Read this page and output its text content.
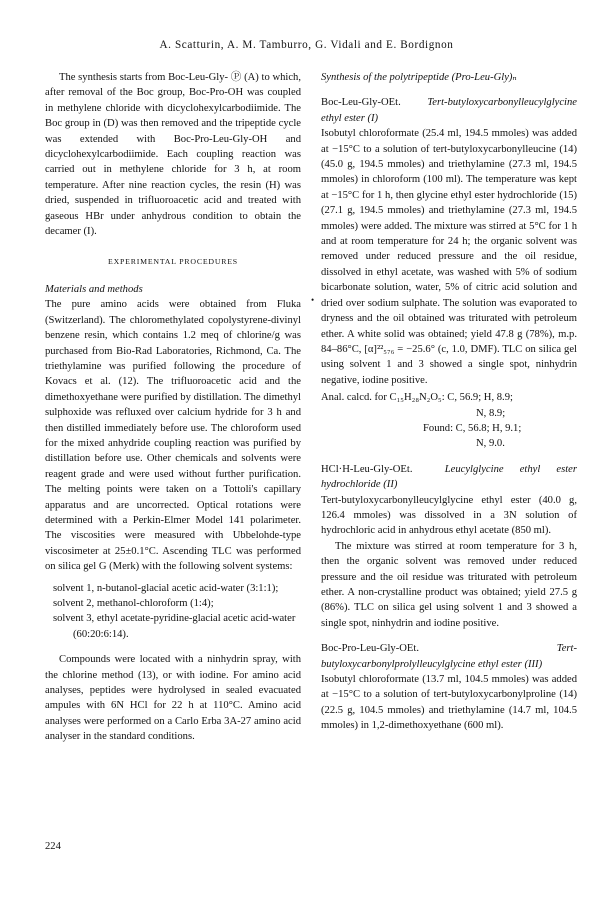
A. Scatturin, A. M. Tamburro, G. Vidali and E. Bordignon

The synthesis starts from Boc-Leu-Gly- Ⓟ (A) to which, after removal of the Boc group, Boc-Pro-OH was coupled in methylene chloride with dicyclohexylcarbodiimide. The Boc group in (D) was then removed and the tripeptide cycle was extended with Boc-Pro-Leu-Gly-OH and dicyclohexylcarbodiimide. Each coupling reaction was carried out in methylene chloride for 3 h, at room temperature. After nine reaction cycles, the resin (H) was dried, suspended in trifluoroacetic acid and treated with gaseous HBr under anhydrous condition to obtain the decamer (I).

EXPERIMENTAL PROCEDURES
Materials and methods

The pure amino acids were obtained from Fluka (Switzerland). The chloromethylated copolystyrene-divinyl benzene resin, which contains 1.2 meq of chlorine/g was purchased from Bio-Rad Laboratories, Richmond, Ca. The triethylamine was purified following the procedure of Kovacs et al. (12). The trifluoroacetic acid and the dimethoxyethane were purified by distillation. The dimethyl sulphoxide was refluxed over calcium hydride for 3 h and then distilled immediately before use. The chloroform used for the mixed anhydride coupling reaction was purified by distillation before use. Other chemicals and solvents were reagent grade and were used without further purification. The melting points were taken on a Tottoli's capillary apparatus and are uncorrected. Optical rotations were determined with a Perkin-Elmer Model 141 polarimeter. The viscosities were measured with Ubbelohde-type viscosimeter at 25±0.1°C. Ascending TLC was performed on silica gel G (Merk) with the following solvent systems:

solvent 1, n-butanol-glacial acetic acid-water (3:1:1);
solvent 2, methanol-chloroform (1:4);
solvent 3, ethyl acetate-pyridine-glacial acetic acid-water (60:20:6:14).

Compounds were located with a ninhydrin spray, with the chlorine method (13), or with iodine. For amino acid analyses, peptides were hydrolysed in sealed evacuated ampules with 6N HCl for 22 h at 110°C. Amino acid analyses were performed on a Carlo Erba 3A-27 amino acid analyser in the standard conditions.

Synthesis of the polytripeptide (Pro-Leu-Gly)ₙ

Boc-Leu-Gly-OEt.	Tert-butyloxycarbonylleucylglycine ethyl ester (I)

Isobutyl chloroformate (25.4 ml, 194.5 mmoles) was added at −15°C to a solution of tert-butyloxycarbonylleucine (14) (45.0 g, 194.5 mmoles) and triethylamine (27.3 ml, 194.5 mmoles) in chloroform (100 ml). The temperature was kept at −15°C for 1 h, then glycine ethyl ester hydrochloride (15) (27.1 g, 194.5 mmoles) and triethylamine (27.3 ml, 194.5 mmoles) were added. The mixture was stirred at 5°C for 1 h and at room temperature for 24 h; the organic solvent was removed under reduced pressure and the oil residue, dissolved in ethyl acetate, was washed with 5% of sodium bicarbonate solution, water, 5% of citric acid solution and dried over sodium sulphate. The solution was evaporated to dryness and the oil obtained was triturated with petroleum ether. A white solid was obtained; yield 47.8 g (78%), m.p. 84–86°C, [α]²²₅₇₆ = −25.6° (c, 1.0, DMF). TLC on silica gel using solvent 1 and 3 showed a single spot, ninhydrin negative, iodine positive.

Anal. calcd. for C₁₅H₂₈N₂O₅: C, 56.9; H, 8.9;
N, 8.9;
Found: C, 56.8; H, 9.1;
N, 9.0.

HCl·H-Leu-Gly-OEt.	Leucylglycine ethyl ester hydrochloride (II)

Tert-butyloxycarbonylleucylglycine ethyl ester (40.0 g, 126.4 mmoles) was dissolved in a 3N solution of hydrochloric acid in anhydrous ethyl acetate (850 ml).

The mixture was stirred at room temperature for 3 h, then the organic solvent was removed under reduced pressure and the oil residue was triturated with petroleum ether. A non-crystalline product was obtained; yield 27.5 g (86%). TLC on silica gel using solvent 1 and 3 showed a single spot, ninhydrin and iodine positive.

Boc-Pro-Leu-Gly-OEt.	Tert-butyloxycarbonylprolylleucylglycine ethyl ester (III)

Isobutyl chloroformate (13.7 ml, 104.5 mmoles) was added at −15°C to a solution of tert-butyloxycarbonylproline (14) (22.5 g, 104.5 mmoles) and triethylamine (14.7 ml, 104.5 mmoles) in 1,2-dimethoxyethane (600 ml).

•
224
